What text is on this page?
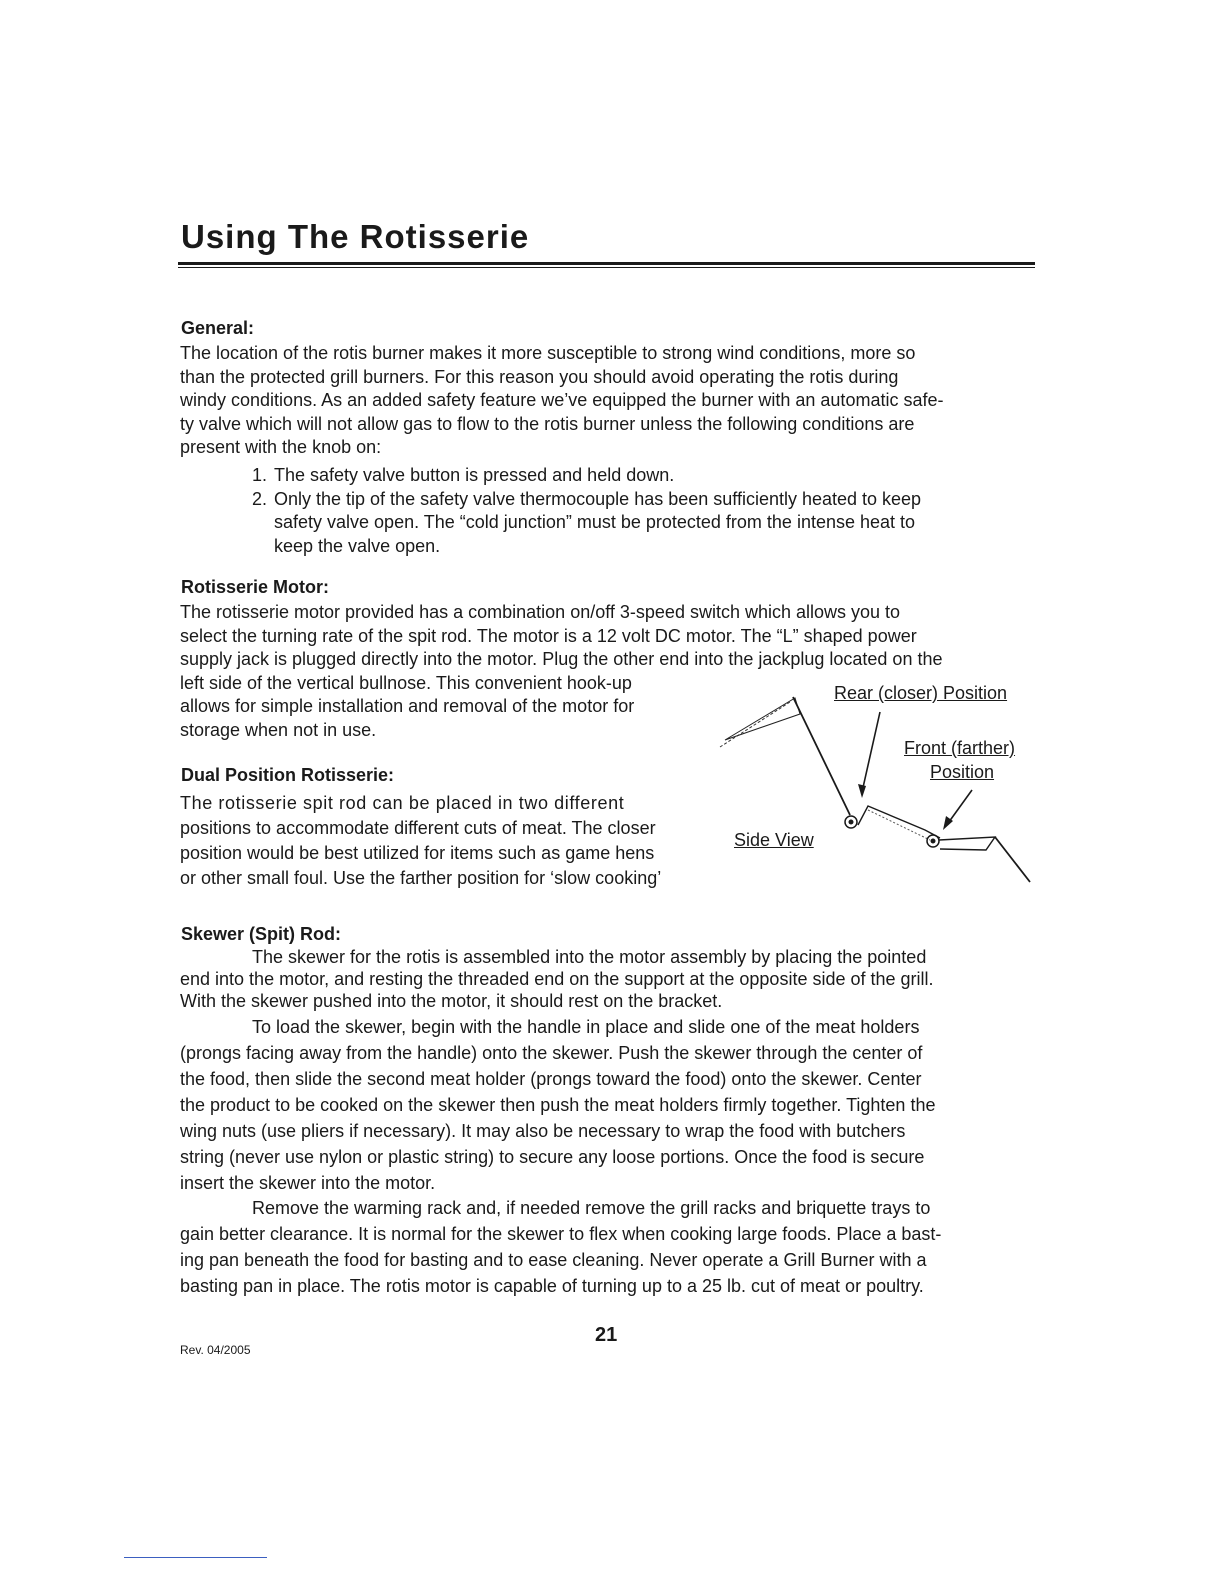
Using The Rotisserie
General:
The location of the rotis burner makes it more susceptible to strong wind conditions, more so
than the protected grill burners. For this reason you should avoid operating the rotis during
windy conditions. As an added safety feature we’ve equipped the burner with an automatic safe-
ty valve which will not allow gas to flow to the rotis burner unless the following conditions are
present with the knob on:
1. The safety valve button is pressed and held down.
2. Only the tip of the safety valve thermocouple has been sufficiently heated to keep
safety valve open. The “cold junction” must be protected from the intense heat to
keep the valve open.
Rotisserie Motor:
The rotisserie motor provided has a combination on/off 3-speed switch which allows you to
select the turning rate of the spit rod. The motor is a 12 volt DC motor. The “L” shaped power
supply jack is plugged directly into the motor. Plug the other end into the jackplug located on the
left side of the vertical bullnose. This convenient hook-up
allows for simple installation and removal of the motor for
storage when not in use.
Dual Position Rotisserie:
The rotisserie spit rod can be placed in two different
positions to accommodate different cuts of meat. The closer
position would be best utilized for items such as game hens
or other small foul. Use the farther position for ‘slow cooking’
Rear (closer) Position
Front (farther)
Position
Side View
Skewer (Spit) Rod:
The skewer for the rotis is assembled into the motor assembly by placing the pointed
end into the motor, and resting the threaded end on the support at the opposite side of the grill.
With the skewer pushed into the motor, it should rest on the bracket.
To load the skewer, begin with the handle in place and slide one of the meat holders
(prongs facing away from the handle) onto the skewer. Push the skewer through the center of
the food, then slide the second meat holder (prongs toward the food) onto the skewer. Center
the product to be cooked on the skewer then push the meat holders firmly together. Tighten the
wing nuts (use pliers if necessary). It may also be necessary to wrap the food with butchers
string (never use nylon or plastic string) to secure any loose portions. Once the food is secure
insert the skewer into the motor.
Remove the warming rack and, if needed remove the grill racks and briquette trays to
gain better clearance. It is normal for the skewer to flex when cooking large foods. Place a bast-
ing pan beneath the food for basting and to ease cleaning. Never operate a Grill Burner with a
basting pan in place. The rotis motor is capable of turning up to a 25 lb. cut of meat or poultry.
21
Rev. 04/2005
